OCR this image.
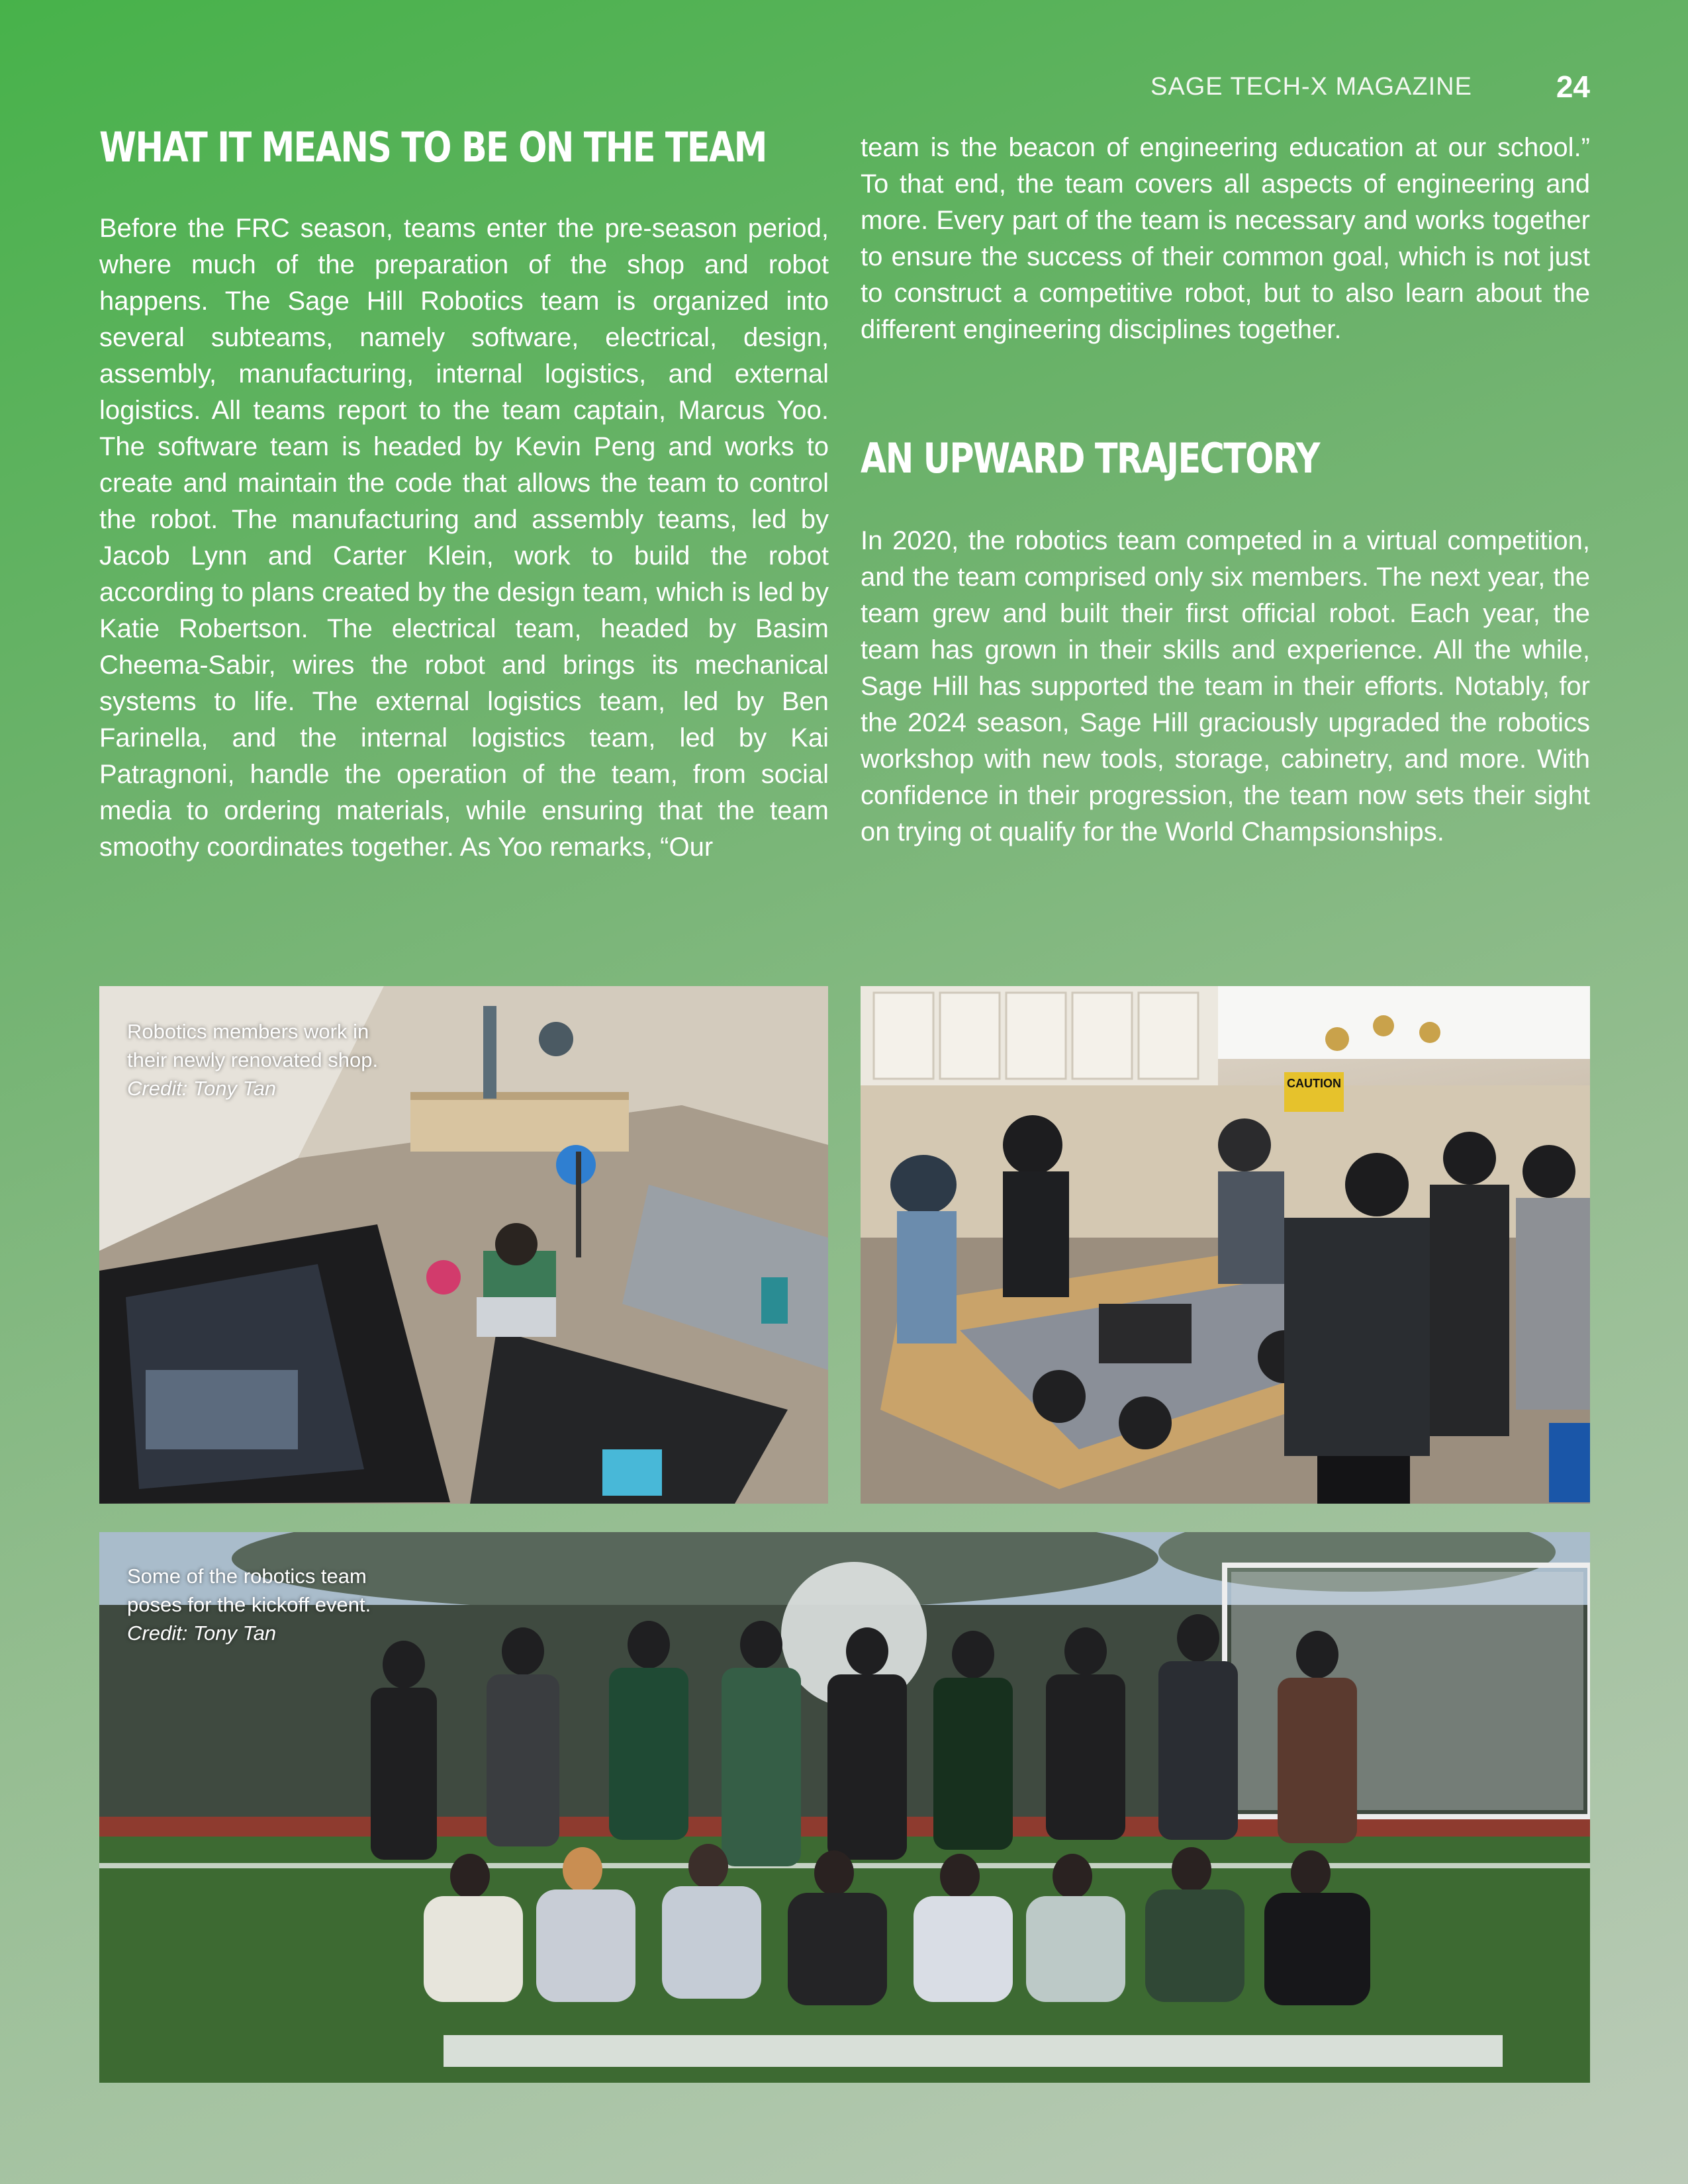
SAGE TECH-X MAGAZINE	24
WHAT IT MEANS TO BE ON THE TEAM

Before the FRC season, teams enter the pre-season period, where much of the preparation of the shop and robot happens. The Sage Hill Robotics team is organized into several subteams, namely software, electrical, design, assembly, manufacturing, internal logistics, and external logistics. All teams report to the team captain, Marcus Yoo. The software team is headed by Kevin Peng and works to create and maintain the code that allows the team to control the robot. The manufacturing and assembly teams, led by Jacob Lynn and Carter Klein, work to build the robot according to plans created by the design team, which is led by Katie Robertson. The electrical team, headed by Basim Cheema-Sabir, wires the robot and brings its mechanical systems to life. The external logistics team, led by Ben Farinella, and the internal logistics team, led by Kai Patragnoni, handle the operation of the team, from social media to ordering materials, while ensuring that the team smoothy coordinates together. As Yoo remarks, “Our

team is the beacon of engineering education at our school.” To that end, the team covers all aspects of engineering and more. Every part of the team is necessary and works together to ensure the success of their common goal, which is not just to construct a competitive robot, but to also learn about the different engineering disciplines together.

AN UPWARD TRAJECTORY

In 2020, the robotics team competed in a virtual competition, and the team comprised only six members. The next year, the team grew and built their first official robot. Each year, the team has grown in their skills and experience. All the while, Sage Hill has supported the team in their efforts. Notably, for the 2024 season, Sage Hill graciously upgraded the robotics workshop with new tools, storage, cabinetry, and more. With confidence in their progression, the team now sets their sight on trying ot qualify for the World Champsionships.

Robotics members work in
their newly renovated shop.
Credit: Tony Tan	CAUTION
Some of the robotics team
poses for the kickoff event.
Credit: Tony Tan
